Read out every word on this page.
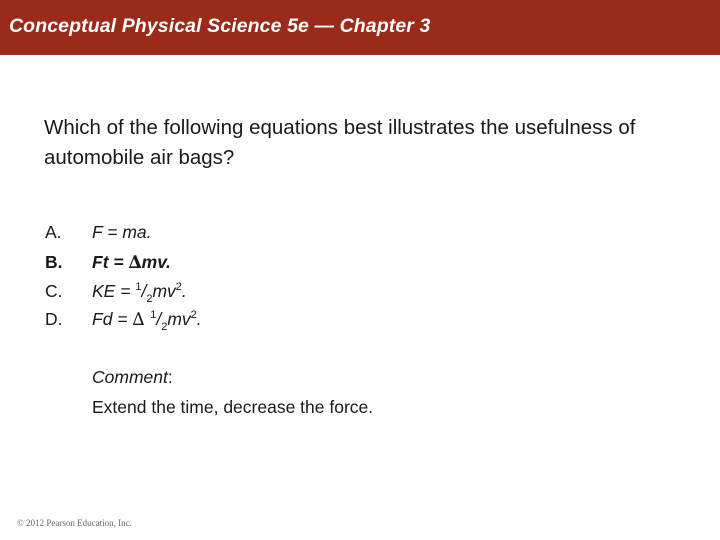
Conceptual Physical Science 5e — Chapter 3
Which of the following equations best illustrates the usefulness of automobile air bags?
A. F = ma.
B. Ft = ∆mv.
C. KE = $^1/_2mv^2$.
D. Fd = ∆ $^1/_2mv^2$.
Comment:
Extend the time, decrease the force.
© 2012 Pearson Education, Inc.
